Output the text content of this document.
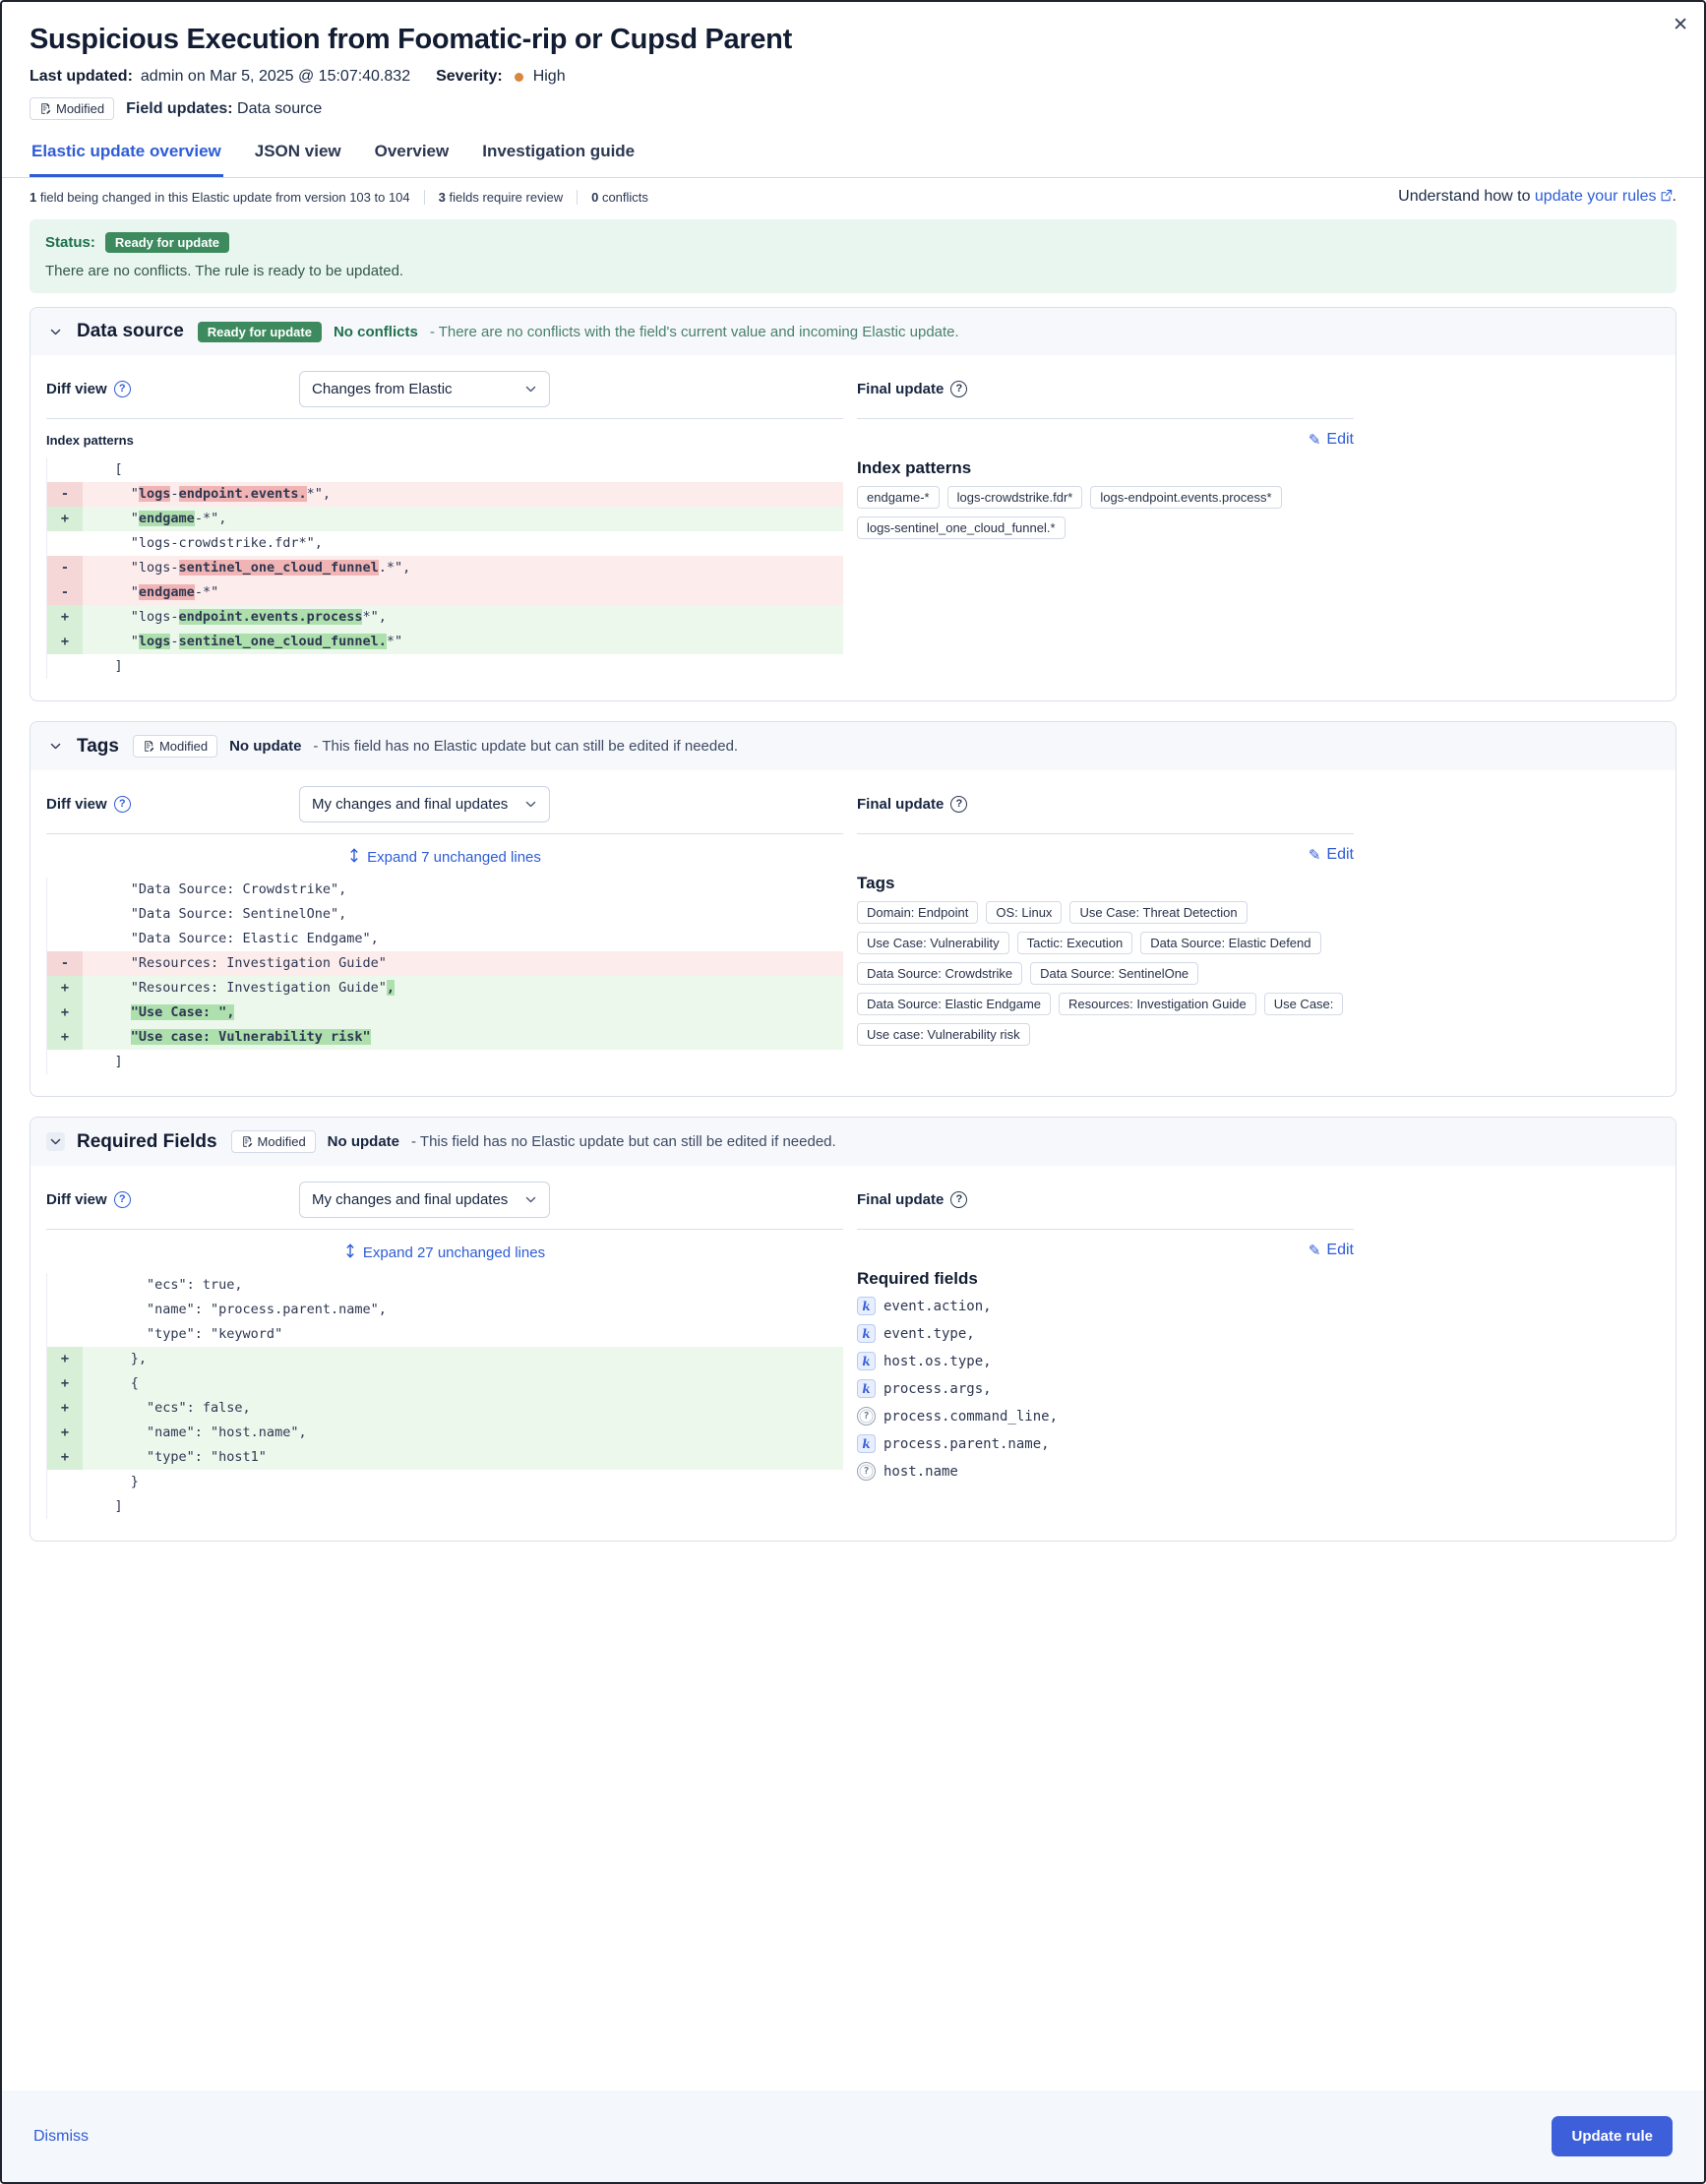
✕
Suspicious Execution from Foomatic-rip or Cupsd Parent
Last updated: admin on Mar 5, 2025 @ 15:07:40.832 Severity: High
Modified Field updates: Data source
Elastic update overview JSON view Overview Investigation guide
1 field being changed in this Elastic update from version 103 to 104	3 fields require review	0 conflicts	Understand how to update your rules .
Status:	Ready for update
There are no conflicts. The rule is ready to be updated.
Data source	Ready for update	No conflicts - There are no conflicts with the field's current value and incoming Elastic update.
Diff view	?	Changes from Elastic
Index patterns
[
-	"logs-endpoint.events.*",
+	"endgame-*",
"logs-crowdstrike.fdr*",
-	"logs-sentinel_one_cloud_funnel.*",
-	"endgame-*"
+	"logs-endpoint.events.process*",
+	"logs-sentinel_one_cloud_funnel.*"
]
Final update	?
✎ Edit
Index patterns
endgame-*	logs-crowdstrike.fdr*	logs-endpoint.events.process*
logs-sentinel_one_cloud_funnel.*
Tags	Modified No update - This field has no Elastic update but can still be edited if needed.
Diff view	?	My changes and final updates
Expand 7 unchanged lines
"Data Source: Crowdstrike",
"Data Source: SentinelOne",
"Data Source: Elastic Endgame",
-	"Resources: Investigation Guide"
+	"Resources: Investigation Guide",
+	"Use Case: ",
+	"Use case: Vulnerability risk"
]
Final update	?
✎ Edit
Tags
Domain: Endpoint	OS: Linux	Use Case: Threat Detection
Use Case: Vulnerability	Tactic: Execution	Data Source: Elastic Defend
Data Source: Crowdstrike	Data Source: SentinelOne
Data Source: Elastic Endgame	Resources: Investigation Guide	Use Case:
Use case: Vulnerability risk
Required Fields	Modified No update - This field has no Elastic update but can still be edited if needed.
Diff view	?	My changes and final updates
Expand 27 unchanged lines
"ecs": true,
"name": "process.parent.name",
"type": "keyword"
+	},
+	{
+	"ecs": false,
+	"name": "host.name",
+	"type": "host1"
}
]
Final update	?
✎ Edit
Required fields
k event.action,
k event.type,
k host.os.type,
k process.args,
?	process.command_line,
k process.parent.name,
?	host.name
Dismiss	Update rule
